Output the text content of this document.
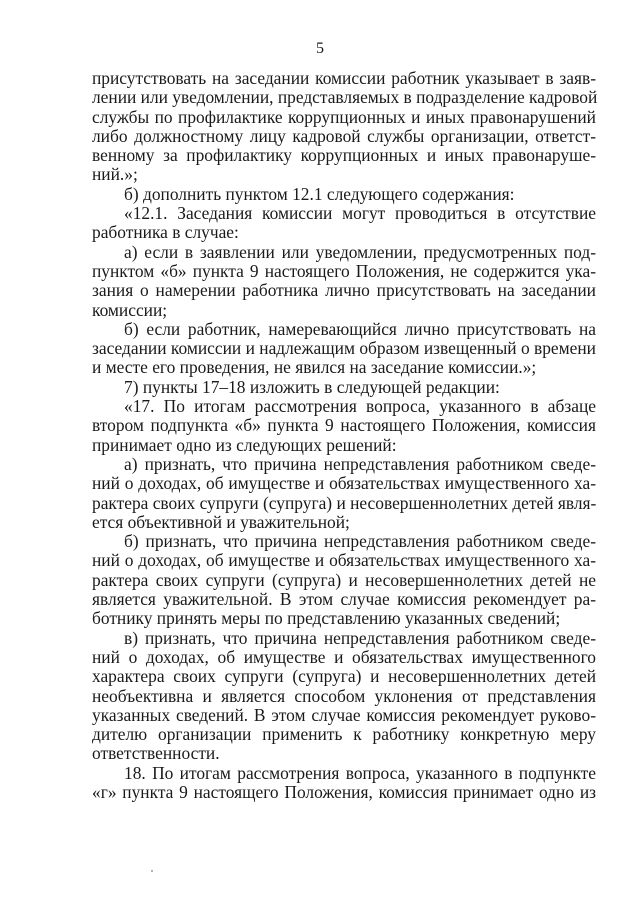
5

присутствовать на заседании комиссии работник указывает в заяв-

лении или уведомлении, представляемых в подразделение кадровой

службы по профилактике коррупционных и иных правонарушений

либо должностному лицу кадровой службы организации, ответст-

венному за профилактику коррупционных и иных правонаруше-

ний.»;

б) дополнить пунктом 12.1 следующего содержания:

«12.1. Заседания комиссии могут проводиться в отсутствие

работника в случае:

а) если в заявлении или уведомлении, предусмотренных под-

пунктом «б» пункта 9 настоящего Положения, не содержится ука-

зания о намерении работника лично присутствовать на заседании

комиссии;

б) если работник, намеревающийся лично присутствовать на

заседании комиссии и надлежащим образом извещенный о времени

и месте его проведения, не явился на заседание комиссии.»;

7) пункты 17–18 изложить в следующей редакции:

«17. По итогам рассмотрения вопроса, указанного в абзаце

втором подпункта «б» пункта 9 настоящего Положения, комиссия

принимает одно из следующих решений:

а) признать, что причина непредставления работником сведе-

ний о доходах, об имуществе и обязательствах имущественного ха-

рактера своих супруги (супруга) и несовершеннолетних детей явля-

ется объективной и уважительной;

б) признать, что причина непредставления работником сведе-

ний о доходах, об имуществе и обязательствах имущественного ха-

рактера своих супруги (супруга) и несовершеннолетних детей не

является уважительной. В этом случае комиссия рекомендует ра-

ботнику принять меры по представлению указанных сведений;

в) признать, что причина непредставления работником сведе-

ний о доходах, об имуществе и обязательствах имущественного

характера своих супруги (супруга) и несовершеннолетних детей

необъективна и является способом уклонения от представления

указанных сведений. В этом случае комиссия рекомендует руково-

дителю организации применить к работнику конкретную меру

ответственности.

18. По итогам рассмотрения вопроса, указанного в подпункте

«г» пункта 9 настоящего Положения, комиссия принимает одно из
